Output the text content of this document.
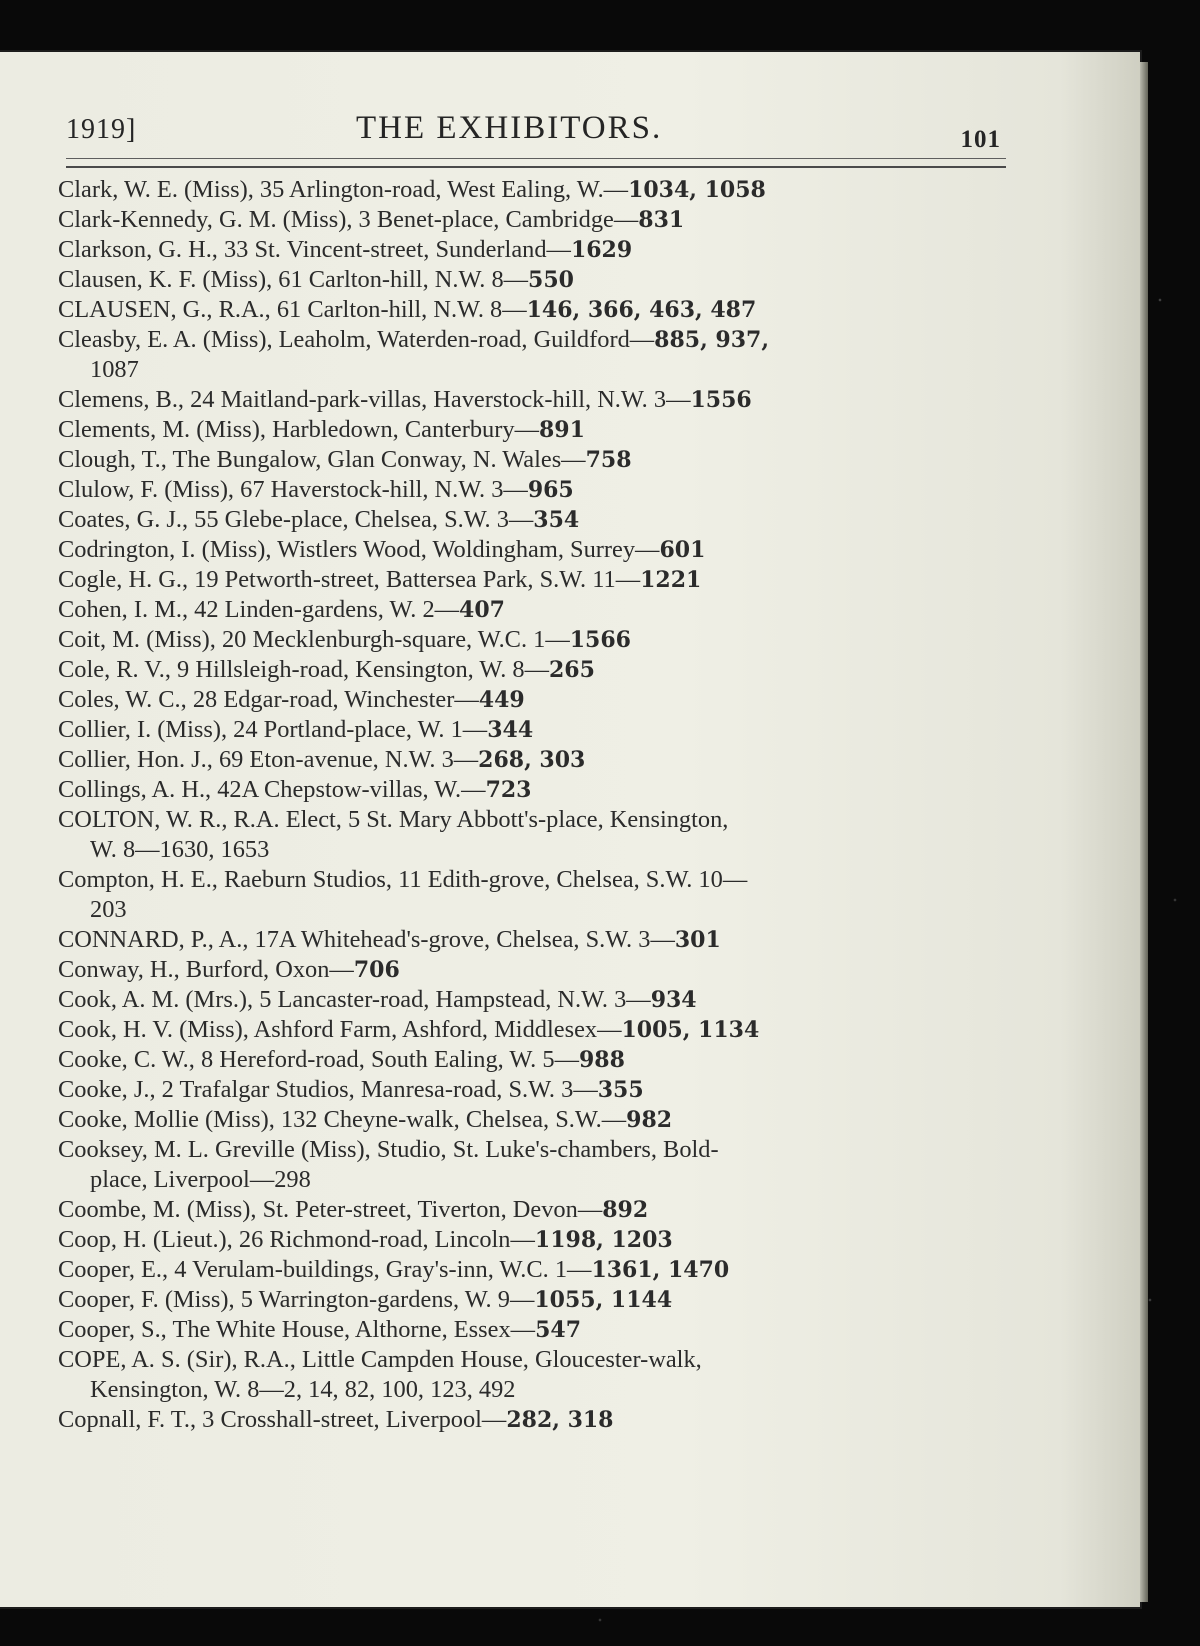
1919]	THE EXHIBITORS.	101
Clark, W. E. (Miss), 35 Arlington-road, West Ealing, W.—1034, 1058
Clark-Kennedy, G. M. (Miss), 3 Benet-place, Cambridge—831
Clarkson, G. H., 33 St. Vincent-street, Sunderland—1629
Clausen, K. F. (Miss), 61 Carlton-hill, N.W. 8—550
CLAUSEN, G., R.A., 61 Carlton-hill, N.W. 8—146, 366, 463, 487
Cleasby, E. A. (Miss), Leaholm, Waterden-road, Guildford—885, 937,
1087
Clemens, B., 24 Maitland-park-villas, Haverstock-hill, N.W. 3—1556
Clements, M. (Miss), Harbledown, Canterbury—891
Clough, T., The Bungalow, Glan Conway, N. Wales—758
Clulow, F. (Miss), 67 Haverstock-hill, N.W. 3—965
Coates, G. J., 55 Glebe-place, Chelsea, S.W. 3—354
Codrington, I. (Miss), Wistlers Wood, Woldingham, Surrey—601
Cogle, H. G., 19 Petworth-street, Battersea Park, S.W. 11—1221
Cohen, I. M., 42 Linden-gardens, W. 2—407
Coit, M. (Miss), 20 Mecklenburgh-square, W.C. 1—1566
Cole, R. V., 9 Hillsleigh-road, Kensington, W. 8—265
Coles, W. C., 28 Edgar-road, Winchester—449
Collier, I. (Miss), 24 Portland-place, W. 1—344
Collier, Hon. J., 69 Eton-avenue, N.W. 3—268, 303
Collings, A. H., 42A Chepstow-villas, W.—723
COLTON, W. R., R.A. Elect, 5 St. Mary Abbott's-place, Kensington,
W. 8—1630, 1653
Compton, H. E., Raeburn Studios, 11 Edith-grove, Chelsea, S.W. 10—
203
CONNARD, P., A., 17A Whitehead's-grove, Chelsea, S.W. 3—301
Conway, H., Burford, Oxon—706
Cook, A. M. (Mrs.), 5 Lancaster-road, Hampstead, N.W. 3—934
Cook, H. V. (Miss), Ashford Farm, Ashford, Middlesex—1005, 1134
Cooke, C. W., 8 Hereford-road, South Ealing, W. 5—988
Cooke, J., 2 Trafalgar Studios, Manresa-road, S.W. 3—355
Cooke, Mollie (Miss), 132 Cheyne-walk, Chelsea, S.W.—982
Cooksey, M. L. Greville (Miss), Studio, St. Luke's-chambers, Bold-
place, Liverpool—298
Coombe, M. (Miss), St. Peter-street, Tiverton, Devon—892
Coop, H. (Lieut.), 26 Richmond-road, Lincoln—1198, 1203
Cooper, E., 4 Verulam-buildings, Gray's-inn, W.C. 1—1361, 1470
Cooper, F. (Miss), 5 Warrington-gardens, W. 9—1055, 1144
Cooper, S., The White House, Althorne, Essex—547
COPE, A. S. (Sir), R.A., Little Campden House, Gloucester-walk,
Kensington, W. 8—2, 14, 82, 100, 123, 492
Copnall, F. T., 3 Crosshall-street, Liverpool—282, 318
